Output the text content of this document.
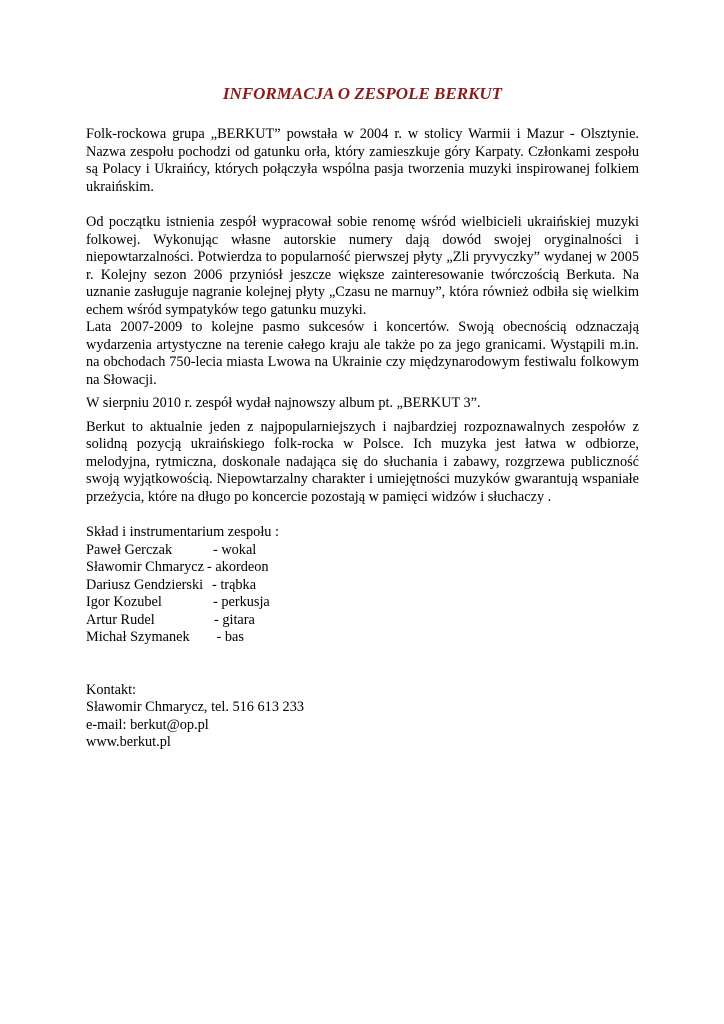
INFORMACJA O ZESPOLE BERKUT

Folk-rockowa grupa „BERKUT” powstała w 2004 r. w stolicy Warmii i Mazur - Olsztynie. Nazwa zespołu pochodzi od gatunku orła, który zamieszkuje góry Karpaty. Członkami zespołu są Polacy i Ukraińcy, których połączyła wspólna pasja tworzenia muzyki inspirowanej folkiem ukraińskim.

Od początku istnienia zespół wypracował sobie renomę wśród wielbicieli ukraińskiej muzyki folkowej. Wykonując własne autorskie numery dają dowód swojej oryginalności i niepowtarzalności. Potwierdza to popularność pierwszej płyty „Zli pryvyczky” wydanej w 2005 r. Kolejny sezon 2006 przyniósł jeszcze większe zainteresowanie twórczością Berkuta. Na uznanie zasługuje nagranie kolejnej płyty „Czasu ne marnuy”, która również odbiła się wielkim echem wśród sympatyków tego gatunku muzyki.

Lata 2007-2009 to kolejne pasmo sukcesów i koncertów. Swoją obecnością odznaczają wydarzenia artystyczne na terenie całego kraju ale także po za jego granicami. Wystąpili m.in. na obchodach 750-lecia miasta Lwowa na Ukrainie czy międzynarodowym festiwalu folkowym na Słowacji.

W sierpniu 2010 r. zespół wydał najnowszy album pt. „BERKUT 3”.

Berkut to aktualnie jeden z najpopularniejszych i najbardziej rozpoznawalnych zespołów z solidną pozycją ukraińskiego folk-rocka w Polsce. Ich muzyka jest łatwa w odbiorze, melodyjna, rytmiczna, doskonale nadająca się do słuchania i zabawy, rozgrzewa publiczność swoją wyjątkowością. Niepowtarzalny charakter i umiejętności muzyków gwarantują wspaniałe przeżycia, które na długo po koncercie pozostają w pamięci widzów i słuchaczy .

Skład i instrumentarium zespołu :
Paweł Gerczak	- wokal
Sławomir Chmarycz - akordeon
Dariusz Gendzierski - trąbka
Igor Kozubel	- perkusja
Artur Rudel	- gitara
Michał Szymanek	- bas
Kontakt:
Sławomir Chmarycz, tel. 516 613 233
e-mail: berkut@op.pl
www.berkut.pl
